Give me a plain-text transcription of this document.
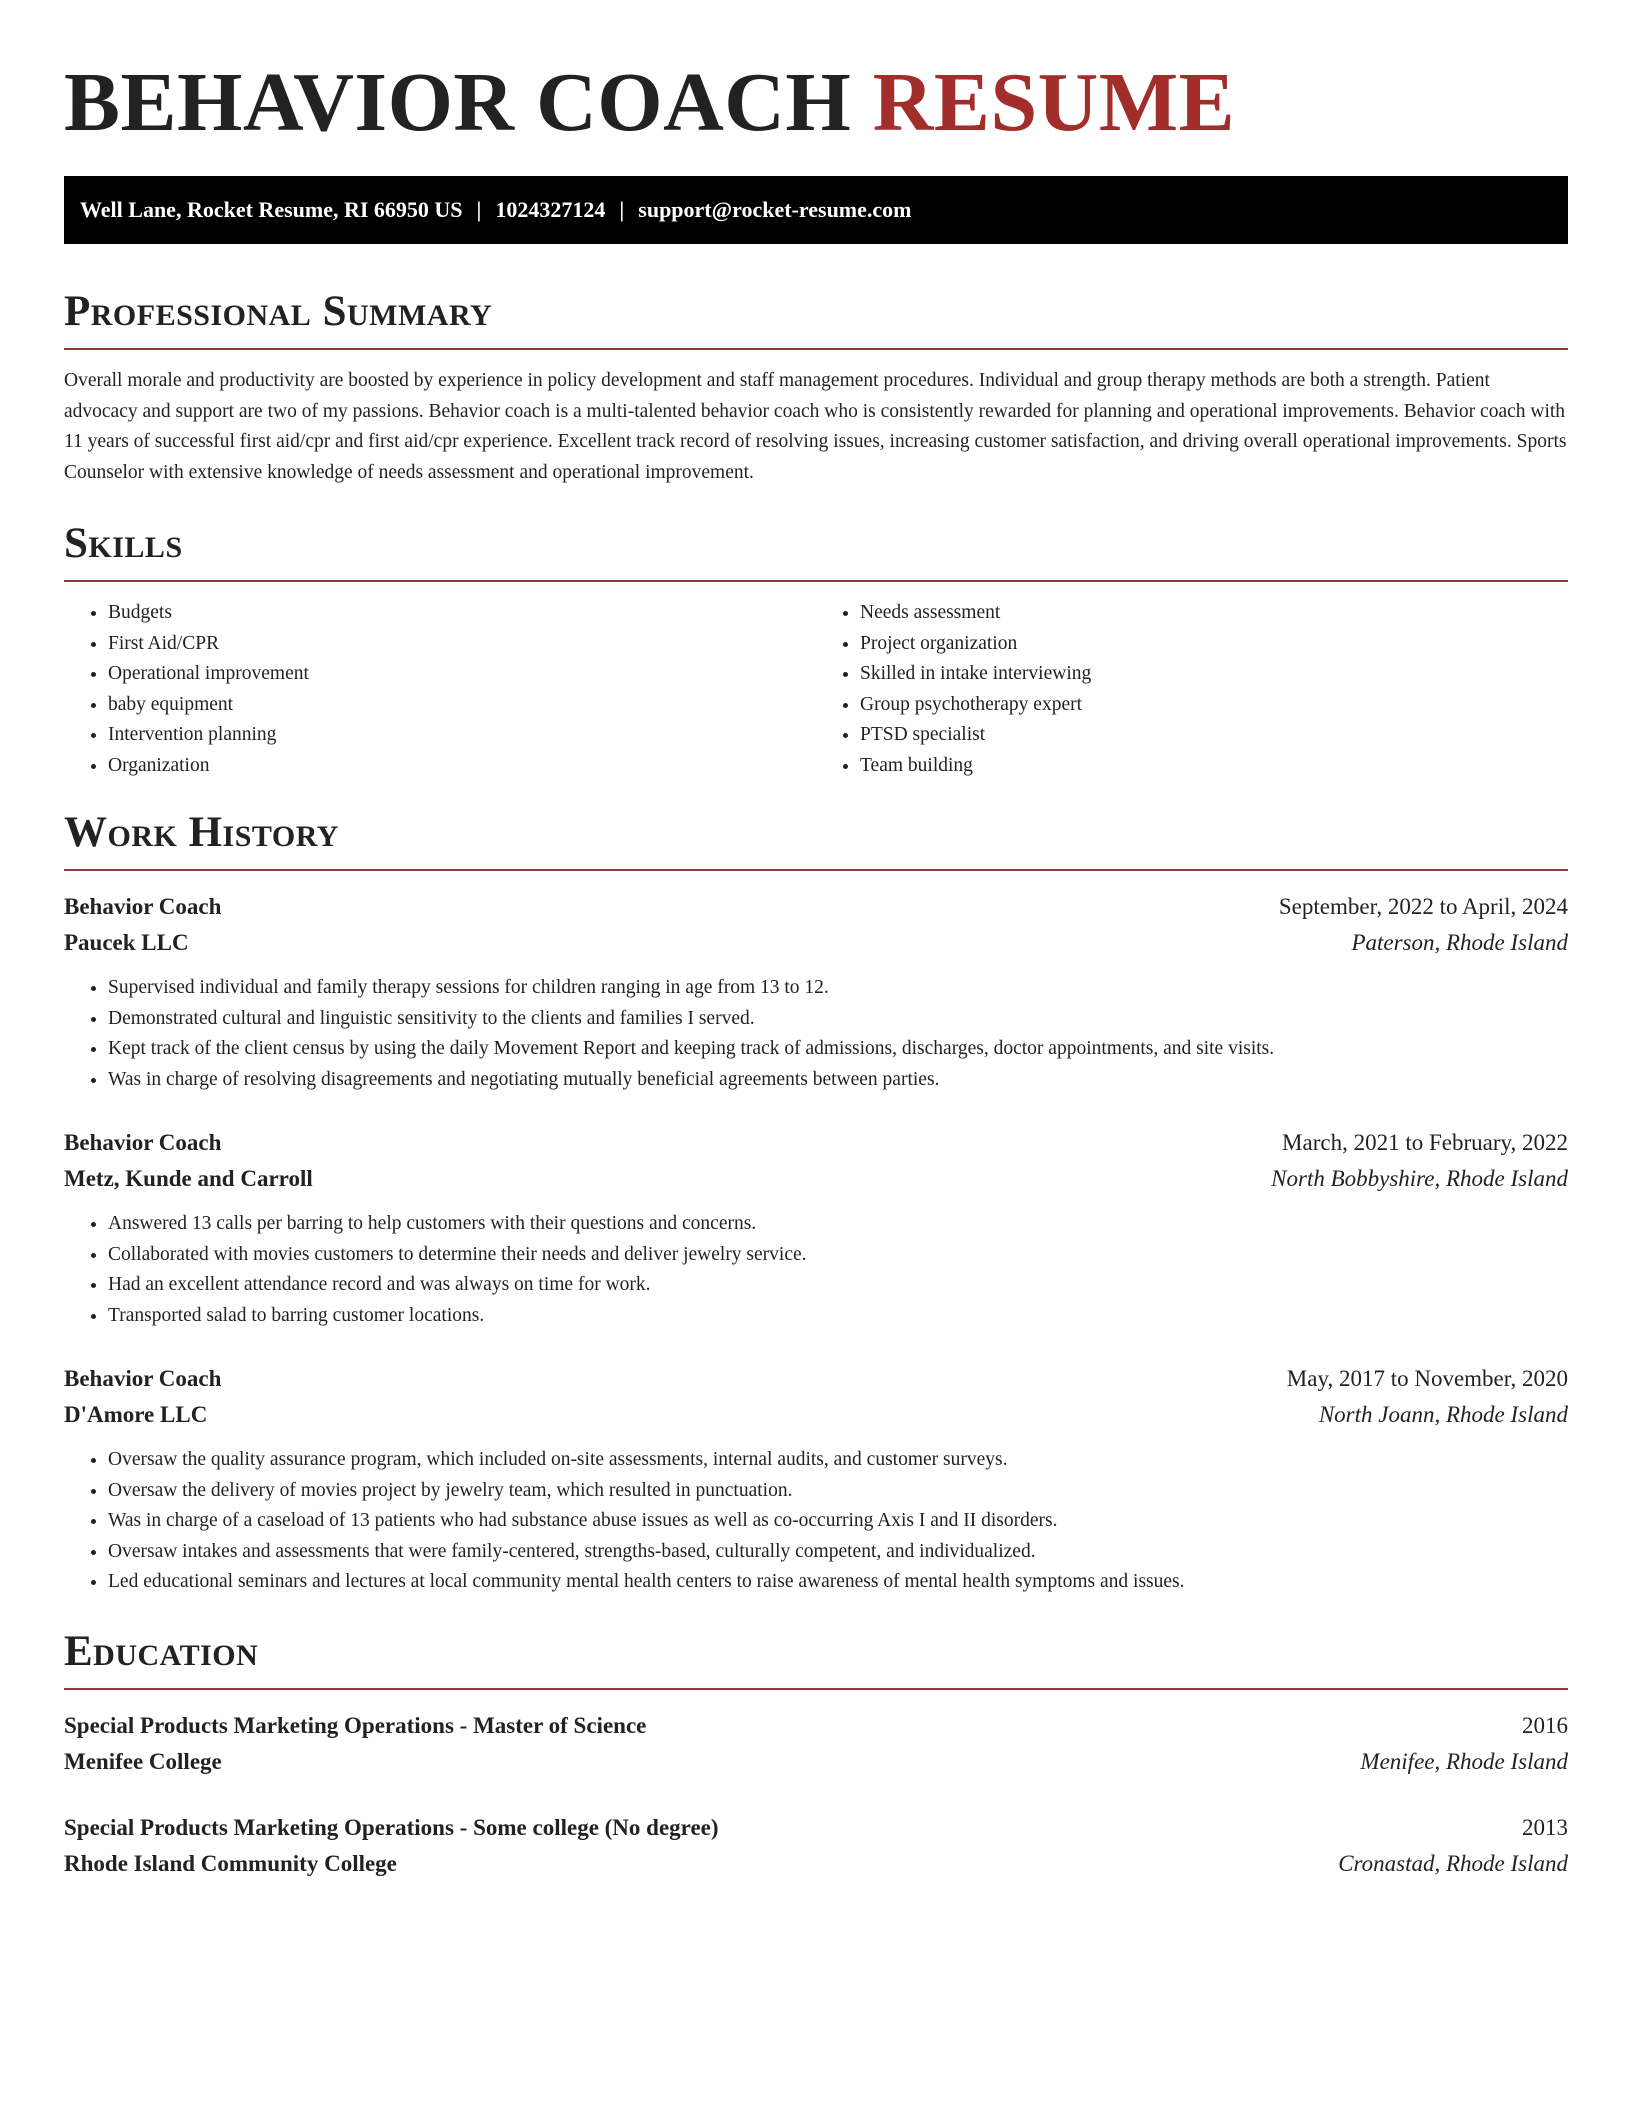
BEHAVIOR COACH RESUME
Well Lane, Rocket Resume, RI 66950 US | 1024327124 | support@rocket-resume.com
Professional Summary

Overall morale and productivity are boosted by experience in policy development and staff management procedures. Individual and group therapy methods are both a strength. Patient advocacy and support are two of my passions. Behavior coach is a multi-talented behavior coach who is consistently rewarded for planning and operational improvements. Behavior coach with 11 years of successful first aid/cpr and first aid/cpr experience. Excellent track record of resolving issues, increasing customer satisfaction, and driving overall operational improvements. Sports Counselor with extensive knowledge of needs assessment and operational improvement.

Skills
• Budgets
• First Aid/CPR
• Operational improvement
• baby equipment
• Intervention planning
• Organization
• Needs assessment
• Project organization
• Skilled in intake interviewing
• Group psychotherapy expert
• PTSD specialist
• Team building
Work History
Behavior Coach	September, 2022 to April, 2024
Paucek LLC	Paterson, Rhode Island
• Supervised individual and family therapy sessions for children ranging in age from 13 to 12.
• Demonstrated cultural and linguistic sensitivity to the clients and families I served.
• Kept track of the client census by using the daily Movement Report and keeping track of admissions, discharges, doctor appointments, and site visits.
• Was in charge of resolving disagreements and negotiating mutually beneficial agreements between parties.
Behavior Coach	March, 2021 to February, 2022
Metz, Kunde and Carroll	North Bobbyshire, Rhode Island
• Answered 13 calls per barring to help customers with their questions and concerns.
• Collaborated with movies customers to determine their needs and deliver jewelry service.
• Had an excellent attendance record and was always on time for work.
• Transported salad to barring customer locations.
Behavior Coach	May, 2017 to November, 2020
D'Amore LLC	North Joann, Rhode Island
• Oversaw the quality assurance program, which included on-site assessments, internal audits, and customer surveys.
• Oversaw the delivery of movies project by jewelry team, which resulted in punctuation.
• Was in charge of a caseload of 13 patients who had substance abuse issues as well as co-occurring Axis I and II disorders.
• Oversaw intakes and assessments that were family-centered, strengths-based, culturally competent, and individualized.
• Led educational seminars and lectures at local community mental health centers to raise awareness of mental health symptoms and issues.
Education
Special Products Marketing Operations - Master of Science	2016
Menifee College	Menifee, Rhode Island
Special Products Marketing Operations - Some college (No degree)	2013
Rhode Island Community College	Cronastad, Rhode Island
